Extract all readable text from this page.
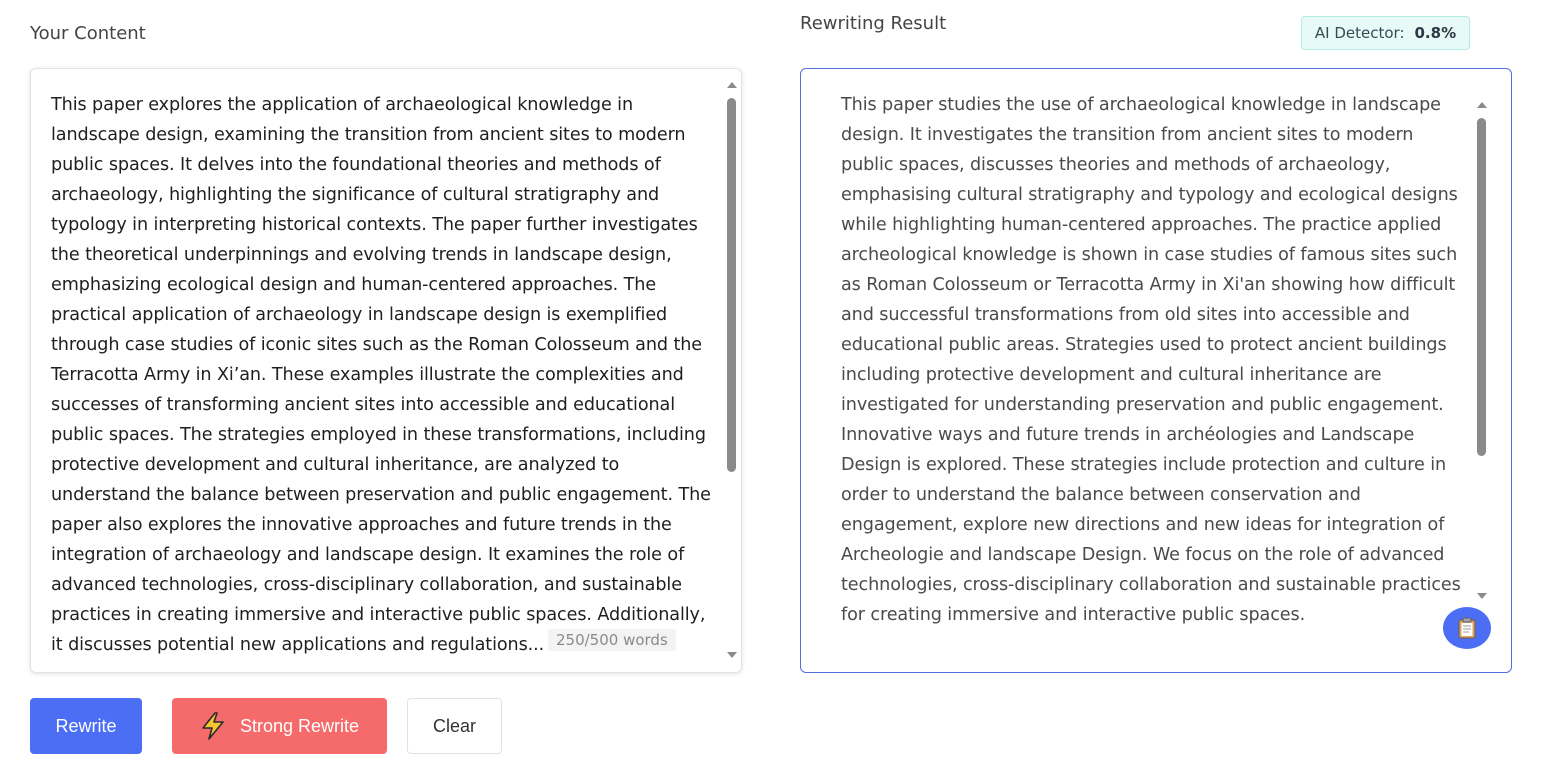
Your Content
This paper explores the application of archaeological knowledge in landscape design, examining the transition from ancient sites to modern public spaces. It delves into the foundational theories and methods of archaeology, highlighting the significance of cultural stratigraphy and typology in interpreting historical contexts. The paper further investigates the theoretical underpinnings and evolving trends in landscape design, emphasizing ecological design and human-centered approaches. The practical application of archaeology in landscape design is exemplified through case studies of iconic sites such as the Roman Colosseum and the Terracotta Army in Xi’an. These examples illustrate the complexities and successes of transforming ancient sites into accessible and educational public spaces. The strategies employed in these transformations, including protective development and cultural inheritance, are analyzed to understand the balance between preservation and public engagement. The paper also explores the innovative approaches and future trends in the integration of archaeology and landscape design. It examines the role of advanced technologies, cross-disciplinary collaboration, and sustainable practices in creating immersive and interactive public spaces. Additionally, it discusses potential new applications and regulations... 250/500 words
Rewriting Result	AI Detector: 0.8%
This paper studies the use of archaeological knowledge in landscape design. It investigates the transition from ancient sites to modern public spaces, discusses theories and methods of archaeology, emphasising cultural stratigraphy and typology and ecological designs while highlighting human-centered approaches. The practice applied archeological knowledge is shown in case studies of famous sites such as Roman Colosseum or Terracotta Army in Xi'an showing how difficult and successful transformations from old sites into accessible and educational public areas. Strategies used to protect ancient buildings including protective development and cultural inheritance are investigated for understanding preservation and public engagement. Innovative ways and future trends in archéologies and Landscape Design is explored. These strategies include protection and culture in order to understand the balance between conservation and engagement, explore new directions and new ideas for integration of Archeologie and landscape Design. We focus on the role of advanced technologies, cross-disciplinary collaboration and sustainable practices for creating immersive and interactive public spaces.
Rewrite	Strong Rewrite	Clear
